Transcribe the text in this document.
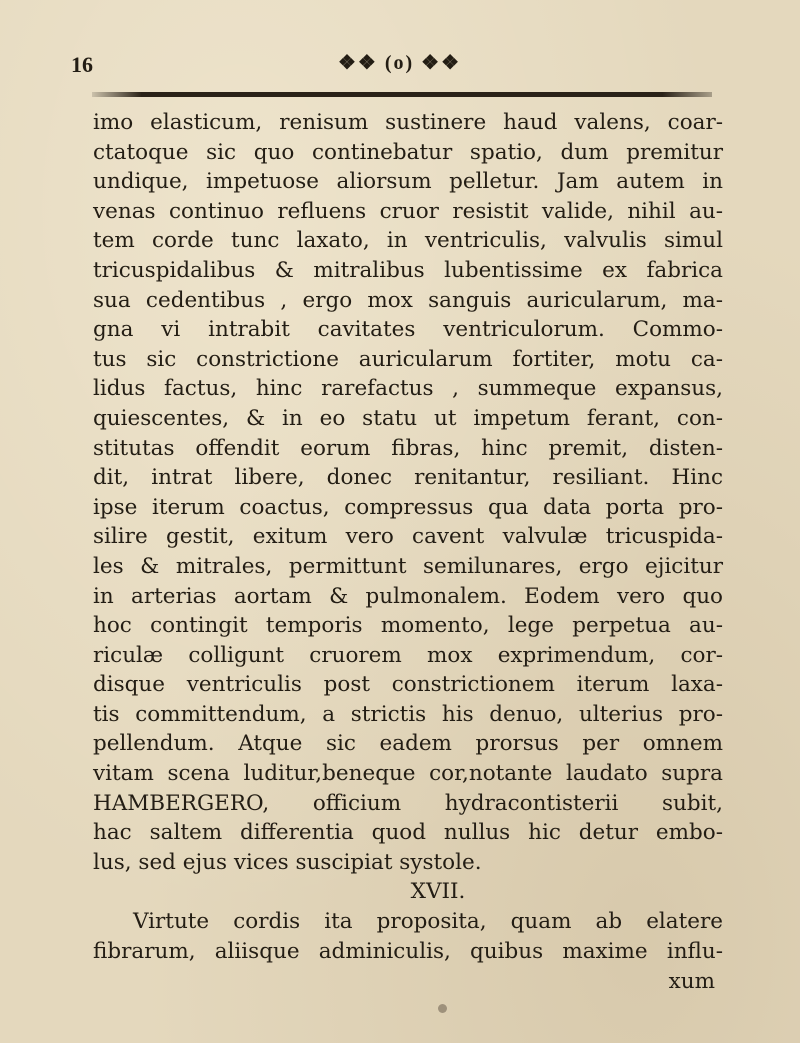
16	❖❖ (o) ❖❖
imo elasticum, renisum sustinere haud valens, coar-
ctatoque sic quo continebatur spatio, dum premitur
undique, impetuose aliorsum pelletur. Jam autem in
venas continuo refluens cruor resistit valide, nihil au-
tem corde tunc laxato, in ventriculis, valvulis simul
tricuspidalibus & mitralibus lubentissime ex fabrica
sua cedentibus , ergo mox sanguis auricularum, ma-
gna vi intrabit cavitates ventriculorum. Commo-
tus sic constrictione auricularum fortiter, motu ca-
lidus factus, hinc rarefactus , summeque expansus,
quiescentes, & in eo statu ut impetum ferant, con-
stitutas offendit eorum fibras, hinc premit, disten-
dit, intrat libere, donec renitantur, resiliant. Hinc
ipse iterum coactus, compressus qua data porta pro-
silire gestit, exitum vero cavent valvulæ tricuspida-
les & mitrales, permittunt semilunares, ergo ejicitur
in arterias aortam & pulmonalem. Eodem vero quo
hoc contingit temporis momento, lege perpetua au-
riculæ colligunt cruorem mox exprimendum, cor-
disque ventriculis post constrictionem iterum laxa-
tis committendum, a strictis his denuo, ulterius pro-
pellendum. Atque sic eadem prorsus per omnem
vitam scena luditur,beneque cor,notante laudato supra
HAMBERGERO, officium hydracontisterii subit,
hac saltem differentia quod nullus hic detur embo-
lus, sed ejus vices suscipiat systole.
XVII.
Virtute cordis ita proposita, quam ab elatere
fibrarum, aliisque adminiculis, quibus maxime influ-
xum
